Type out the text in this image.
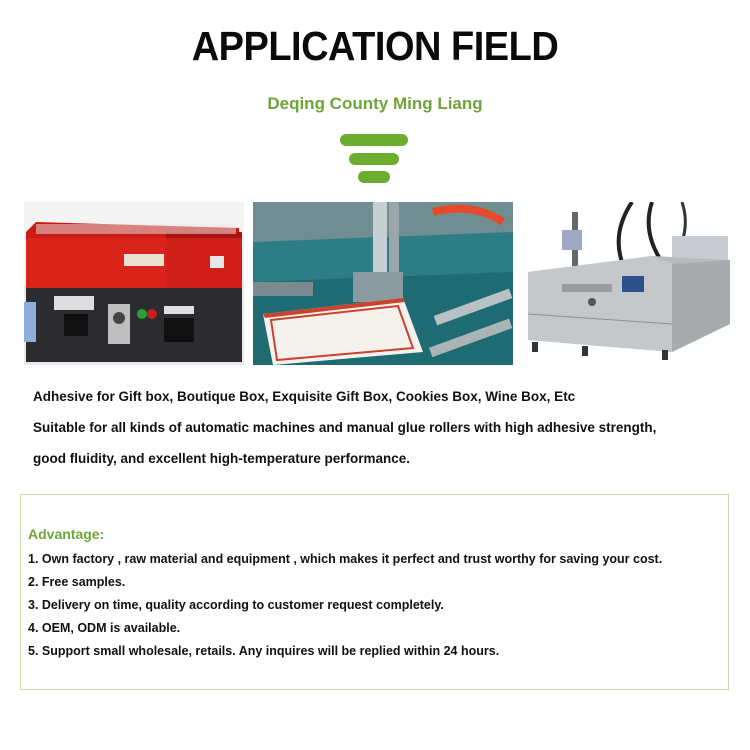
APPLICATION FIELD
Deqing County Ming Liang
Adhesive for Gift box, Boutique Box, Exquisite Gift Box, Cookies Box, Wine Box, Etc
Suitable for all kinds of automatic machines and manual glue rollers with high adhesive strength,
good fluidity, and excellent high-temperature performance.
Advantage:
1. Own factory , raw material and equipment , which makes it perfect and trust worthy for saving your cost.
2. Free samples.
3. Delivery on time, quality according to customer request completely.
4. OEM, ODM is available.
5. Support small wholesale, retails. Any inquires will be replied within 24 hours.
